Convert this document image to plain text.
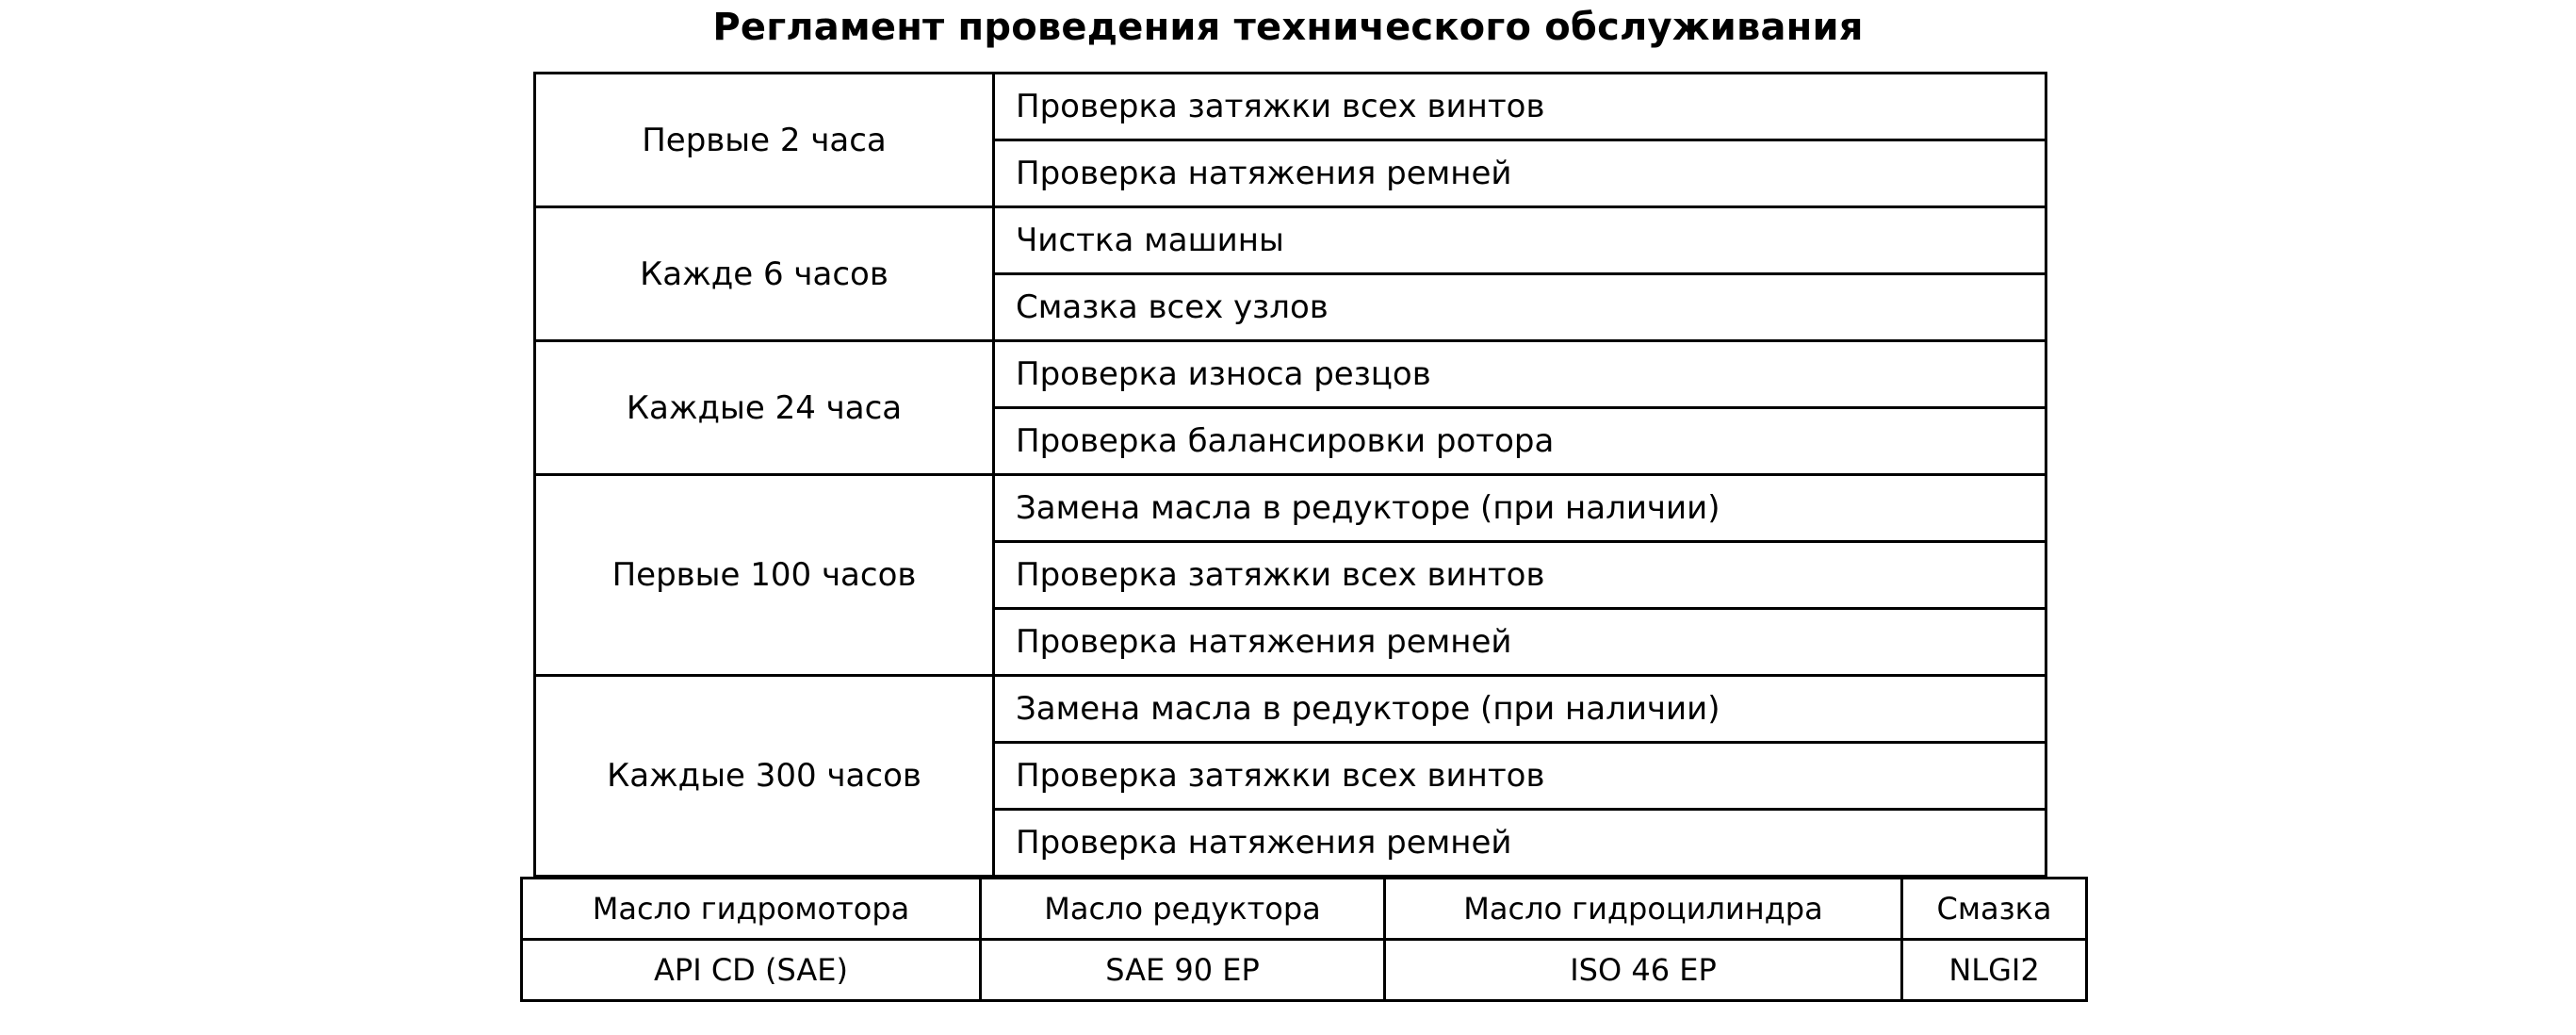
Регламент проведения технического обслуживания
Первые 2 часа	Проверка затяжки всех винтов
	Проверка натяжения ремней
Кажде 6 часов	Чистка машины
	Смазка всех узлов
Каждые 24 часа	Проверка износа резцов
	Проверка балансировки ротора
Первые 100 часов	Замена масла в редукторе (при наличии)
	Проверка затяжки всех винтов
	Проверка натяжения ремней
Каждые 300 часов	Замена масла в редукторе (при наличии)
	Проверка затяжки всех винтов
	Проверка натяжения ремней
Масло гидромотора	Масло редуктора	Масло гидроцилиндра	Смазка
API CD (SAE)	SAE 90 EP	ISO 46 EP	NLGI2
